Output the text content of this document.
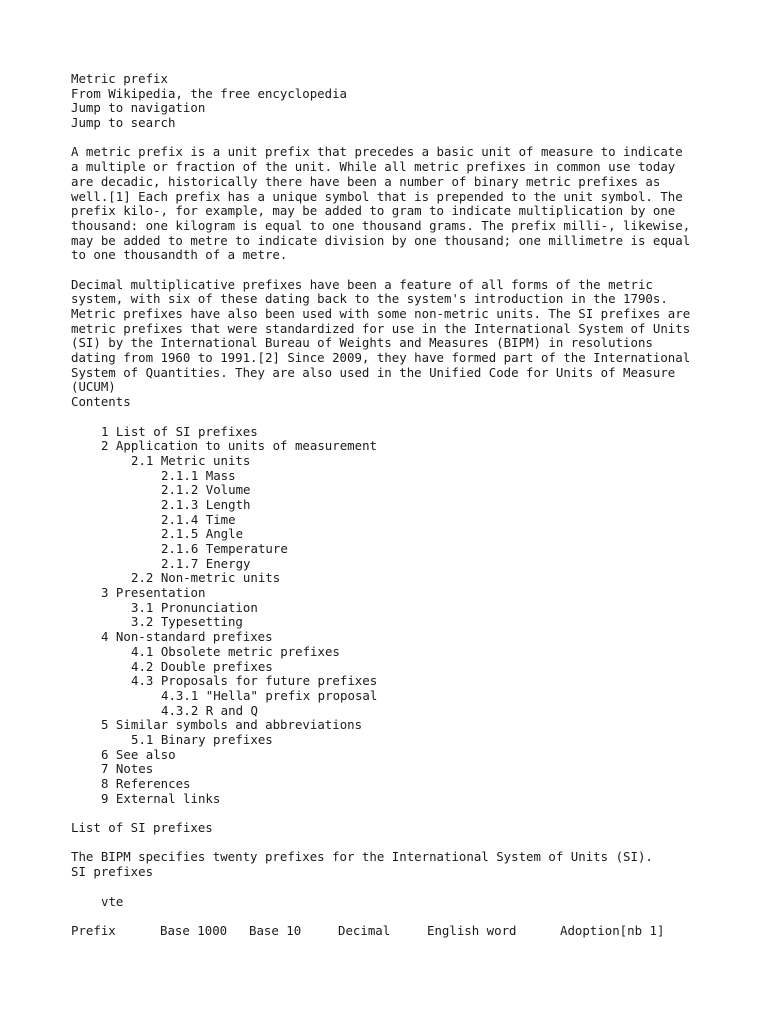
Metric prefix
From Wikipedia, the free encyclopedia
Jump to navigation
Jump to search
A metric prefix is a unit prefix that precedes a basic unit of measure to indicate
a multiple or fraction of the unit. While all metric prefixes in common use today
are decadic, historically there have been a number of binary metric prefixes as
well.[1] Each prefix has a unique symbol that is prepended to the unit symbol. The
prefix kilo-, for example, may be added to gram to indicate multiplication by one
thousand: one kilogram is equal to one thousand grams. The prefix milli-, likewise,
may be added to metre to indicate division by one thousand; one millimetre is equal
to one thousandth of a metre.
Decimal multiplicative prefixes have been a feature of all forms of the metric
system, with six of these dating back to the system's introduction in the 1790s.
Metric prefixes have also been used with some non-metric units. The SI prefixes are
metric prefixes that were standardized for use in the International System of Units
(SI) by the International Bureau of Weights and Measures (BIPM) in resolutions
dating from 1960 to 1991.[2] Since 2009, they have formed part of the International
System of Quantities. They are also used in the Unified Code for Units of Measure
(UCUM)
Contents
1 List of SI prefixes
2 Application to units of measurement
2.1 Metric units
2.1.1 Mass
2.1.2 Volume
2.1.3 Length
2.1.4 Time
2.1.5 Angle
2.1.6 Temperature
2.1.7 Energy
2.2 Non-metric units
3 Presentation
3.1 Pronunciation
3.2 Typesetting
4 Non-standard prefixes
4.1 Obsolete metric prefixes
4.2 Double prefixes
4.3 Proposals for future prefixes
4.3.1 "Hella" prefix proposal
4.3.2 R and Q
5 Similar symbols and abbreviations
5.1 Binary prefixes
6 See also
7 Notes
8 References
9 External links
List of SI prefixes
The BIPM specifies twenty prefixes for the International System of Units (SI).
SI prefixes
vte
Prefix	Base 1000	Base 10	Decimal	English word	Adoption[nb 1]
